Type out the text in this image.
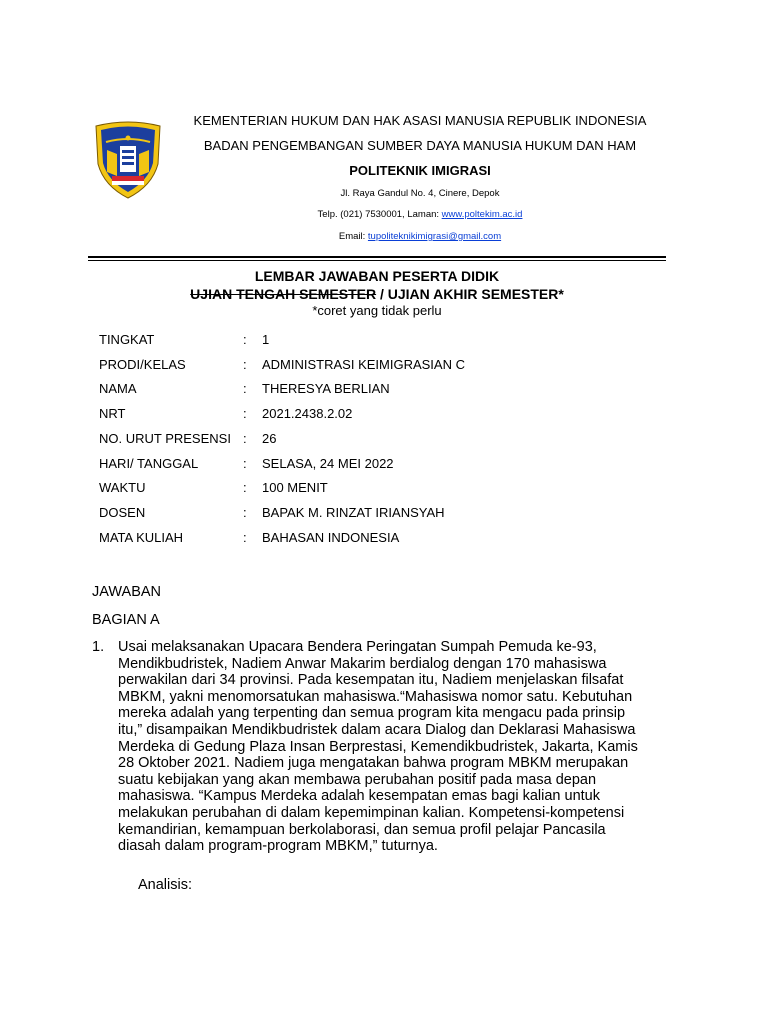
KEMENTERIAN HUKUM DAN HAK ASASI MANUSIA REPUBLIK INDONESIA
BADAN PENGEMBANGAN SUMBER DAYA MANUSIA HUKUM DAN HAM
POLITEKNIK IMIGRASI
Jl. Raya Gandul No. 4, Cinere, Depok
Telp. (021) 7530001, Laman: www.poltekim.ac.id
Email: tupoliteknikimigrasi@gmail.com
LEMBAR JAWABAN PESERTA DIDIK
UJIAN TENGAH SEMESTER / UJIAN AKHIR SEMESTER*
*coret yang tidak perlu
TINGKAT	: 1
PRODI/KELAS	: ADMINISTRASI KEIMIGRASIAN C
NAMA	: THERESYA BERLIAN
NRT	: 2021.2438.2.02
NO. URUT PRESENSI : 26
HARI/ TANGGAL	: SELASA, 24 MEI 2022
WAKTU	: 100 MENIT
DOSEN	: BAPAK M. RINZAT IRIANSYAH
MATA KULIAH	: BAHASAN INDONESIA
JAWABAN
BAGIAN A
1. Usai melaksanakan Upacara Bendera Peringatan Sumpah Pemuda ke-93,
Mendikbudristek, Nadiem Anwar Makarim berdialog dengan 170 mahasiswa
perwakilan dari 34 provinsi. Pada kesempatan itu, Nadiem menjelaskan filsafat
MBKM, yakni menomorsatukan mahasiswa.“Mahasiswa nomor satu. Kebutuhan
mereka adalah yang terpenting dan semua program kita mengacu pada prinsip
itu,” disampaikan Mendikbudristek dalam acara Dialog dan Deklarasi Mahasiswa
Merdeka di Gedung Plaza Insan Berprestasi, Kemendikbudristek, Jakarta, Kamis
28 Oktober 2021. Nadiem juga mengatakan bahwa program MBKM merupakan
suatu kebijakan yang akan membawa perubahan positif pada masa depan
mahasiswa. “Kampus Merdeka adalah kesempatan emas bagi kalian untuk
melakukan perubahan di dalam kepemimpinan kalian. Kompetensi-kompetensi
kemandirian, kemampuan berkolaborasi, dan semua profil pelajar Pancasila
diasah dalam program-program MBKM,” tuturnya.
Analisis:
